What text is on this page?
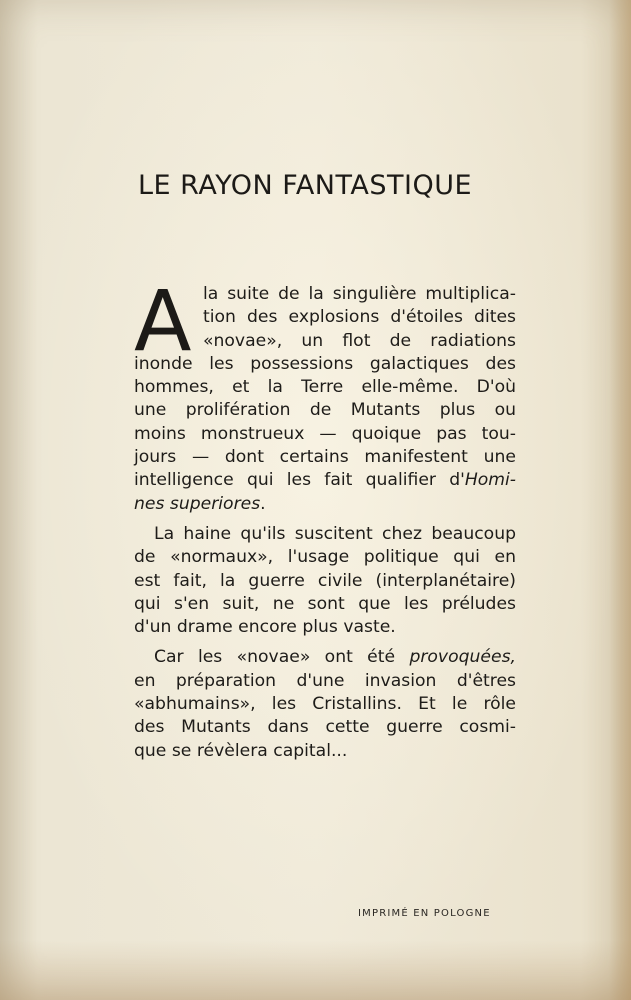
LE RAYON FANTASTIQUE
A la suite de la singulière multiplica-
tion des explosions d'étoiles dites
«novae», un flot de radiations
inonde les possessions galactiques des
hommes, et la Terre elle-même. D'où
une prolifération de Mutants plus ou
moins monstrueux — quoique pas tou-
jours — dont certains manifestent une
intelligence qui les fait qualifier d'Homi-
nes superiores.
La haine qu'ils suscitent chez beaucoup
de «normaux», l'usage politique qui en
est fait, la guerre civile (interplanétaire)
qui s'en suit, ne sont que les préludes
d'un drame encore plus vaste.
Car les «novae» ont été provoquées,
en préparation d'une invasion d'êtres
«abhumains», les Cristallins. Et le rôle
des Mutants dans cette guerre cosmi-
que se révèlera capital...
IMPRIMÉ EN POLOGNE
